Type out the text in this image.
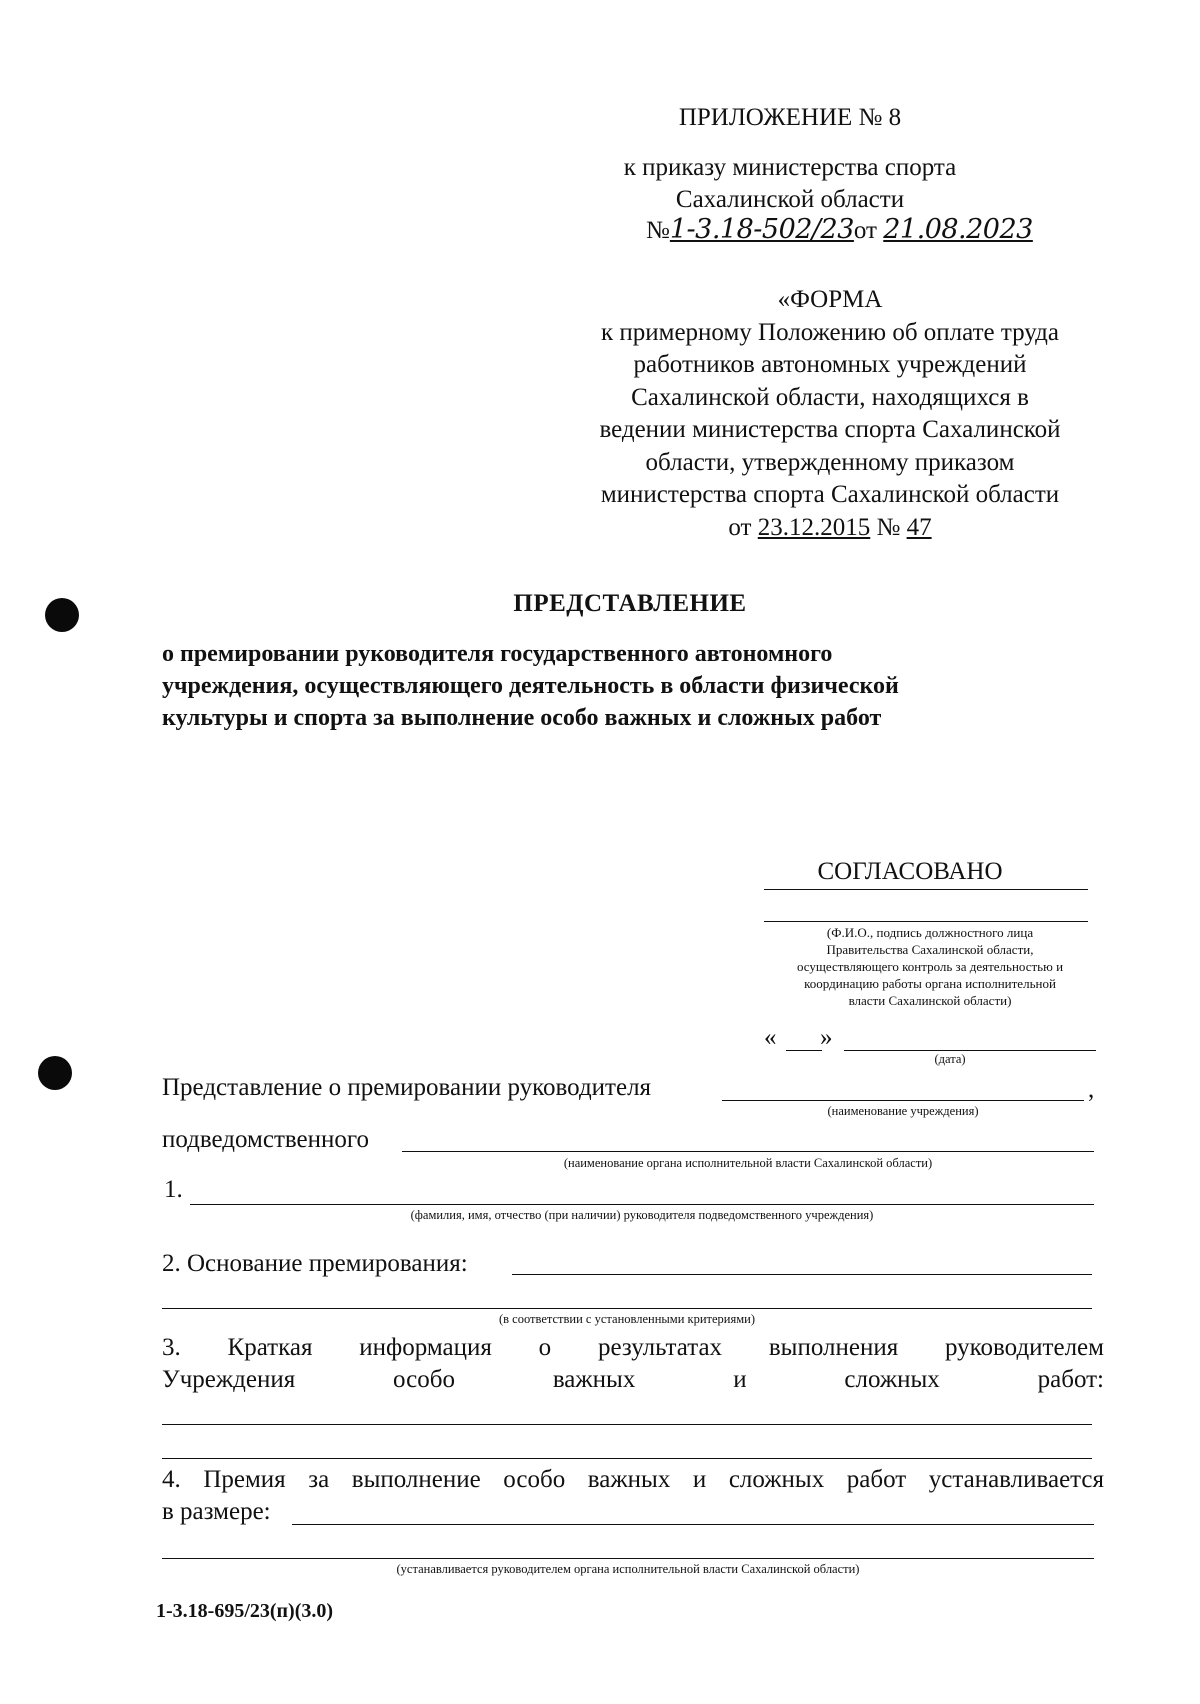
ПРИЛОЖЕНИЕ № 8
к приказу министерства спорта
Сахалинской области
№1-3.18-502/23от 21.08.2023
«ФОРМА
к примерному Положению об оплате труда
работников автономных учреждений
Сахалинской области, находящихся в
ведении министерства спорта Сахалинской
области, утвержденному приказом
министерства спорта Сахалинской области
от 23.12.2015 № 47
ПРЕДСТАВЛЕНИЕ
о премировании руководителя государственного автономного
учреждения, осуществляющего деятельность в области физической
культуры и спорта за выполнение особо важных и сложных работ
СОГЛАСОВАНО
(Ф.И.О., подпись должностного лица
Правительства Сахалинской области,
осуществляющего контроль за деятельностью и
координацию работы органа исполнительной
власти Сахалинской области)
« »
(дата)
Представление о премировании руководителя	,
(наименование учреждения)
подведомственного
(наименование органа исполнительной власти Сахалинской области)
1.
(фамилия, имя, отчество (при наличии) руководителя подведомственного учреждения)
2. Основание премирования:
(в соответствии с установленными критериями)
3. Краткая информация о результатах выполнения руководителем
Учреждения	особо	важных	и	сложных	работ:
4. Премия за выполнение особо важных и сложных работ устанавливается
в размере:
(устанавливается руководителем органа исполнительной власти Сахалинской области)
1-3.18-695/23(п)(3.0)
